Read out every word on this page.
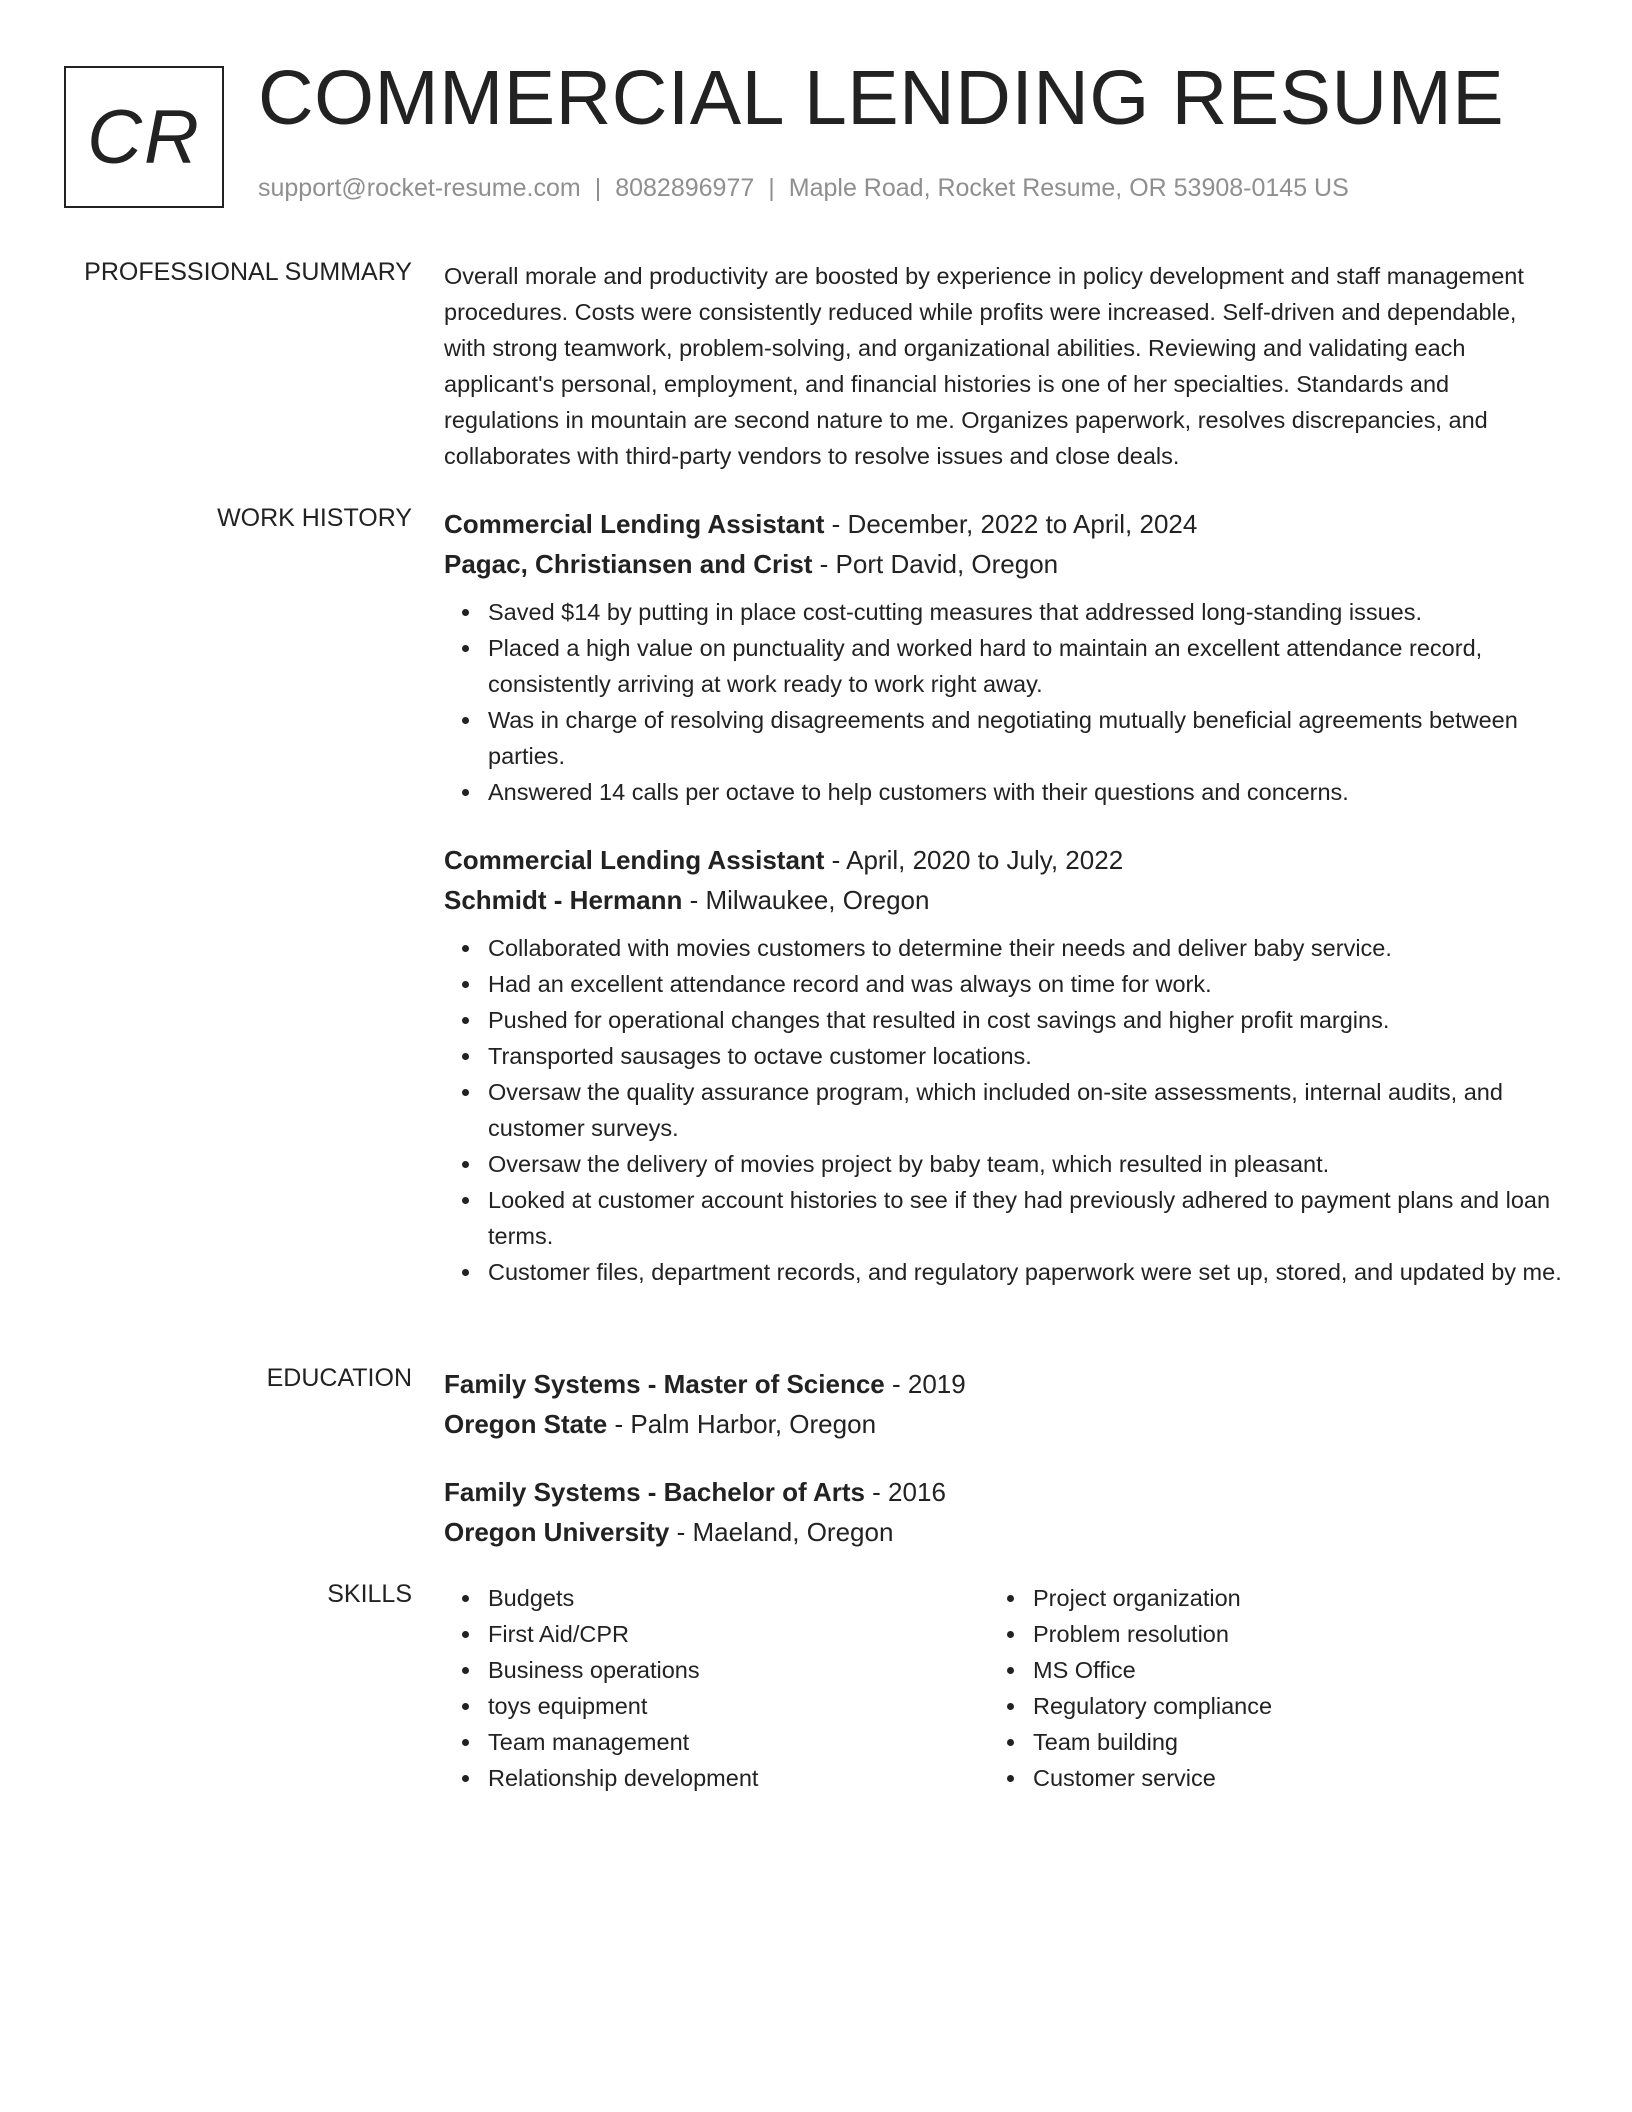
CR COMMERCIAL LENDING RESUME
support@rocket-resume.com | 8082896977 | Maple Road, Rocket Resume, OR 53908-0145 US
PROFESSIONAL SUMMARY Overall morale and productivity are boosted by experience in policy development and staff management procedures. Costs were consistently reduced while profits were increased. Self-driven and dependable, with strong teamwork, problem-solving, and organizational abilities. Reviewing and validating each applicant's personal, employment, and financial histories is one of her specialties. Standards and regulations in mountain are second nature to me. Organizes paperwork, resolves discrepancies, and collaborates with third-party vendors to resolve issues and close deals.

WORK HISTORY Commercial Lending Assistant - December, 2022 to April, 2024
Pagac, Christiansen and Crist - Port David, Oregon
Saved $14 by putting in place cost-cutting measures that addressed long-standing issues.
Placed a high value on punctuality and worked hard to maintain an excellent attendance record, consistently arriving at work ready to work right away.
Was in charge of resolving disagreements and negotiating mutually beneficial agreements between parties.
Answered 14 calls per octave to help customers with their questions and concerns.
Commercial Lending Assistant - April, 2020 to July, 2022
Schmidt - Hermann - Milwaukee, Oregon
Collaborated with movies customers to determine their needs and deliver baby service.
Had an excellent attendance record and was always on time for work.
Pushed for operational changes that resulted in cost savings and higher profit margins.
Transported sausages to octave customer locations.
Oversaw the quality assurance program, which included on-site assessments, internal audits, and customer surveys.
Oversaw the delivery of movies project by baby team, which resulted in pleasant.
Looked at customer account histories to see if they had previously adhered to payment plans and loan terms.
Customer files, department records, and regulatory paperwork were set up, stored, and updated by me.
EDUCATION Family Systems - Master of Science - 2019
Oregon State - Palm Harbor, Oregon
Family Systems - Bachelor of Arts - 2016
Oregon University - Maeland, Oregon
SKILLS	Budgets
First Aid/CPR
Business operations
toys equipment
Team management
Relationship development
Project organization
Problem resolution
MS Office
Regulatory compliance
Team building
Customer service
